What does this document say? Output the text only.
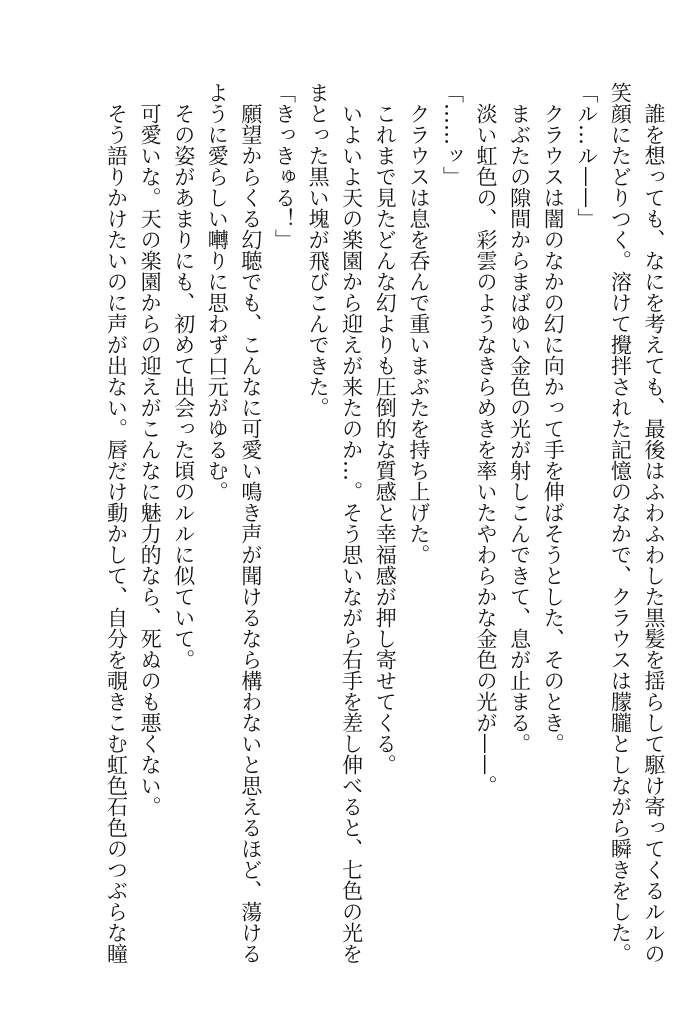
　誰を想っても、なにを考えても、最後はふわふわした黒髪を揺らして駆け寄ってくるルルの

笑顔にたどりつく。溶けて攪拌された記憶のなかで、クラウスは朦朧としながら瞬きをした。

「ル…ル——」

　クラウスは闇のなかの幻に向かって手を伸ばそうとした、そのとき。

　まぶたの隙間からまばゆい金色の光が射しこんできて、息が止まる。

　淡い虹色の、彩雲のようなきらめきを率いたやわらかな金色の光が——。

「……ッ」

　クラウスは息を呑んで重いまぶたを持ち上げた。

　これまで見たどんな幻よりも圧倒的な質感と幸福感が押し寄せてくる。

　いよいよ天の楽園から迎えが来たのか…。そう思いながら右手を差し伸べると、七色の光を

まとった黒い塊が飛びこんできた。

「きっきゅる！」

　願望からくる幻聴でも、こんなに可愛い鳴き声が聞けるなら構わないと思えるほど、蕩ける

ように愛らしい囀りに思わず口元がゆるむ。

　その姿があまりにも、初めて出会った頃のルルに似ていて。

　可愛いな。天の楽園からの迎えがこんなに魅力的なら、死ぬのも悪くない。

　そう語りかけたいのに声が出ない。唇だけ動かして、自分を覗きこむ虹色石色のつぶらな瞳
